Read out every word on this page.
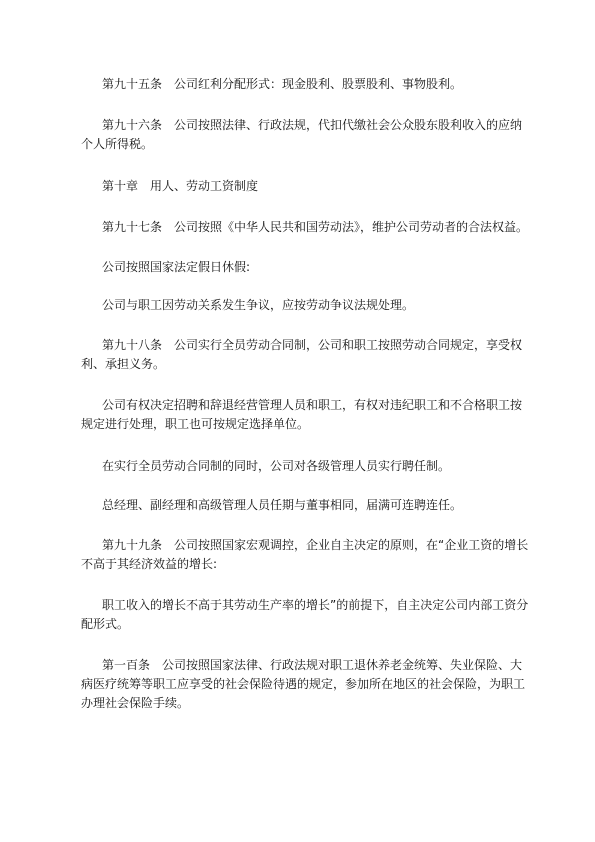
第九十五条　公司红利分配形式：现金股利、股票股利、事物股利。

第九十六条　公司按照法律、行政法规，代扣代缴社会公众股东股利收入的应纳个人所得税。

第十章　用人、劳动工资制度

第九十七条　公司按照《中华人民共和国劳动法》，维护公司劳动者的合法权益。

公司按照国家法定假日休假:

公司与职工因劳动关系发生争议，应按劳动争议法规处理。

第九十八条　公司实行全员劳动合同制，公司和职工按照劳动合同规定，享受权利、承担义务。

公司有权决定招聘和辞退经营管理人员和职工，有权对违纪职工和不合格职工按规定进行处理，职工也可按规定选择单位。

在实行全员劳动合同制的同时，公司对各级管理人员实行聘任制。

总经理、副经理和高级管理人员任期与董事相同，届满可连聘连任。

第九十九条　公司按照国家宏观调控，企业自主决定的原则，在“企业工资的增长不高于其经济效益的增长:

职工收入的增长不高于其劳动生产率的增长”的前提下，自主决定公司内部工资分配形式。

第一百条　公司按照国家法律、行政法规对职工退休养老金统筹、失业保险、大病医疗统筹等职工应享受的社会保险待遇的规定，参加所在地区的社会保险，为职工办理社会保险手续。
